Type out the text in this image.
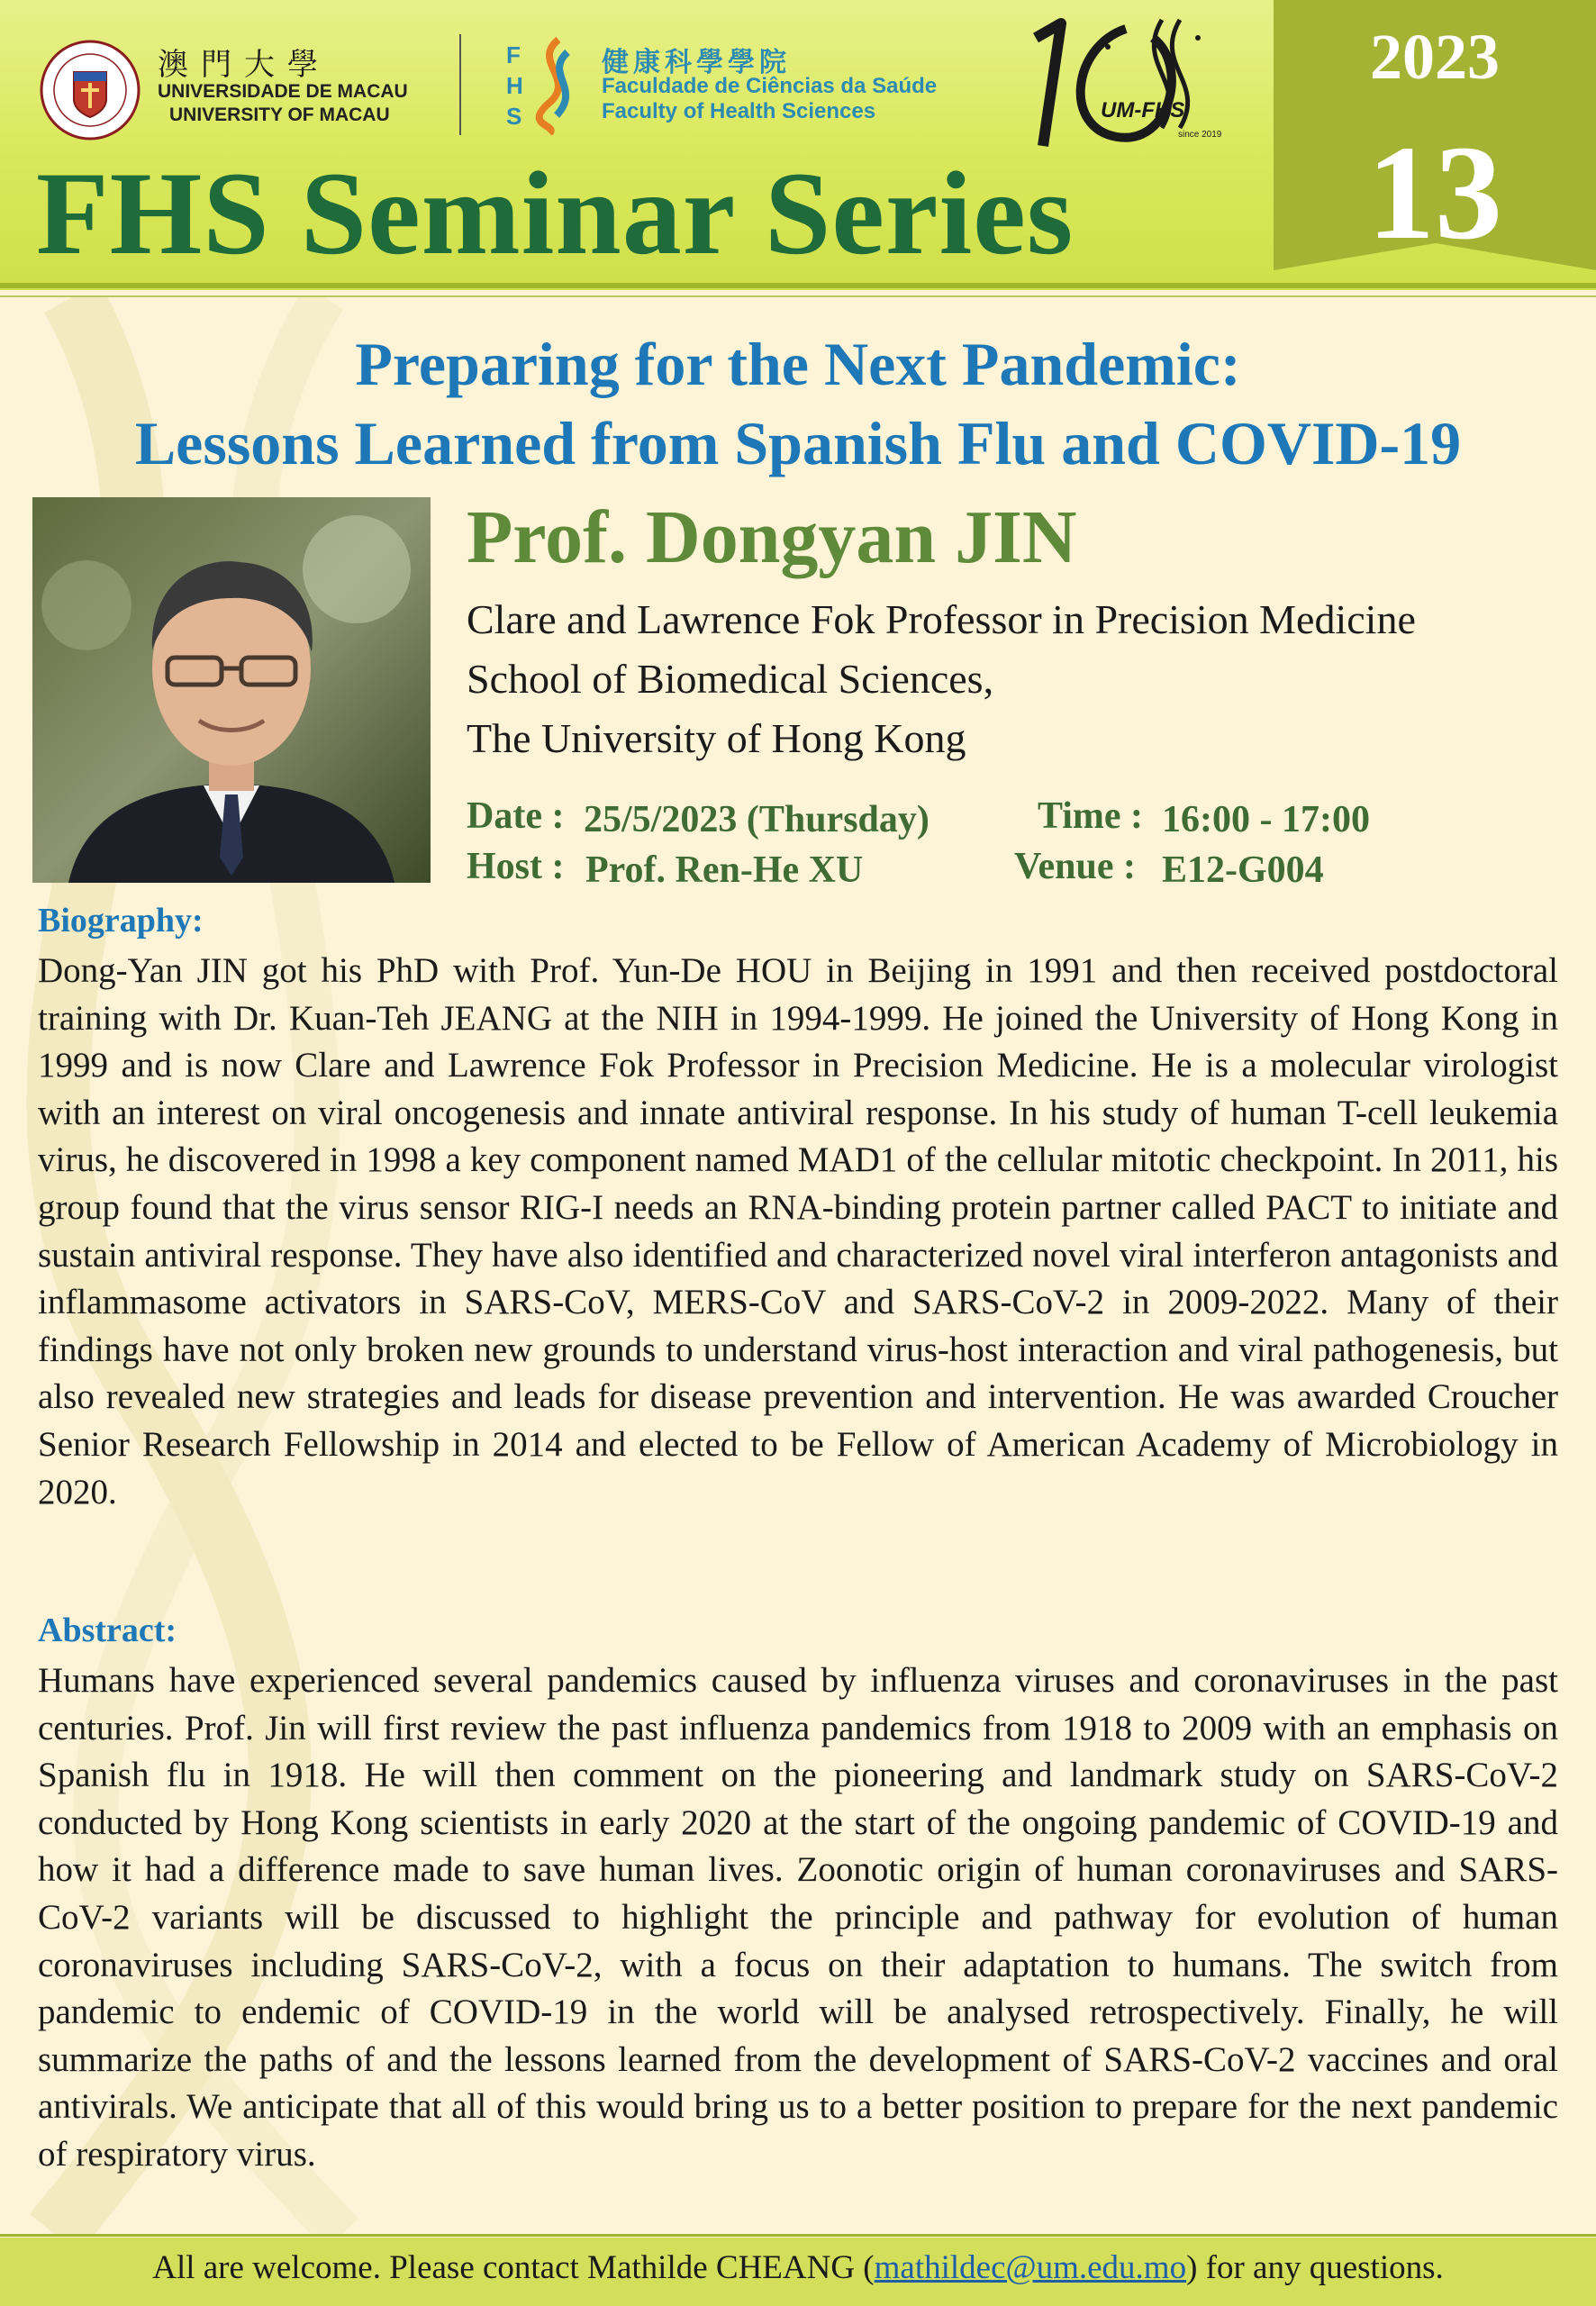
澳門大學
UNIVERSIDADE DE MACAU
UNIVERSITY OF MACAU
F
H
S
健康科學學院
Faculdade de Ciências da Saúde
Faculty of Health Sciences	UM-FHS
since 2019
FHS Seminar Series
2023
13
Preparing for the Next Pandemic:
Lessons Learned from Spanish Flu and COVID-19
Prof. Dongyan JIN
Clare and Lawrence Fok Professor in Precision Medicine
School of Biomedical Sciences,
The University of Hong Kong
Date : 25/5/2023 (Thursday)	Time : 16:00 - 17:00
Host : Prof. Ren-He XU	Venue : E12-G004
Biography:

Dong-Yan JIN got his PhD with Prof. Yun-De HOU in Beijing in 1991 and then received postdoctoral training with Dr. Kuan-Teh JEANG at the NIH in 1994-1999. He joined the University of Hong Kong in 1999 and is now Clare and Lawrence Fok Professor in Precision Medicine. He is a molecular virologist with an interest on viral oncogenesis and innate antiviral response. In his study of human T-cell leukemia virus, he discovered in 1998 a key component named MAD1 of the cellular mitotic checkpoint. In 2011, his group found that the virus sensor RIG-I needs an RNA-binding protein partner called PACT to initiate and sustain antiviral response. They have also identified and characterized novel viral interferon antagonists and inflammasome activators in SARS-CoV, MERS-CoV and SARS-CoV-2 in 2009-2022. Many of their findings have not only broken new grounds to understand virus-host interaction and viral pathogenesis, but also revealed new strategies and leads for disease prevention and intervention. He was awarded Croucher Senior Research Fellowship in 2014 and elected to be Fellow of American Academy of Microbiology in 2020.

Abstract:

Humans have experienced several pandemics caused by influenza viruses and coronaviruses in the past centuries. Prof. Jin will first review the past influenza pandemics from 1918 to 2009 with an emphasis on Spanish flu in 1918. He will then comment on the pioneering and landmark study on SARS-CoV-2 conducted by Hong Kong scientists in early 2020 at the start of the ongoing pandemic of COVID-19 and how it had a difference made to save human lives. Zoonotic origin of human coronaviruses and SARS-CoV-2 variants will be discussed to highlight the principle and pathway for evolution of human coronaviruses including SARS-CoV-2, with a focus on their adaptation to humans. The switch from pandemic to endemic of COVID-19 in the world will be analysed retrospectively. Finally, he will summarize the paths of and the lessons learned from the development of SARS-CoV-2 vaccines and oral antivirals. We anticipate that all of this would bring us to a better position to prepare for the next pandemic of respiratory virus.

All are welcome. Please contact Mathilde CHEANG (mathildec@um.edu.mo) for any questions.
